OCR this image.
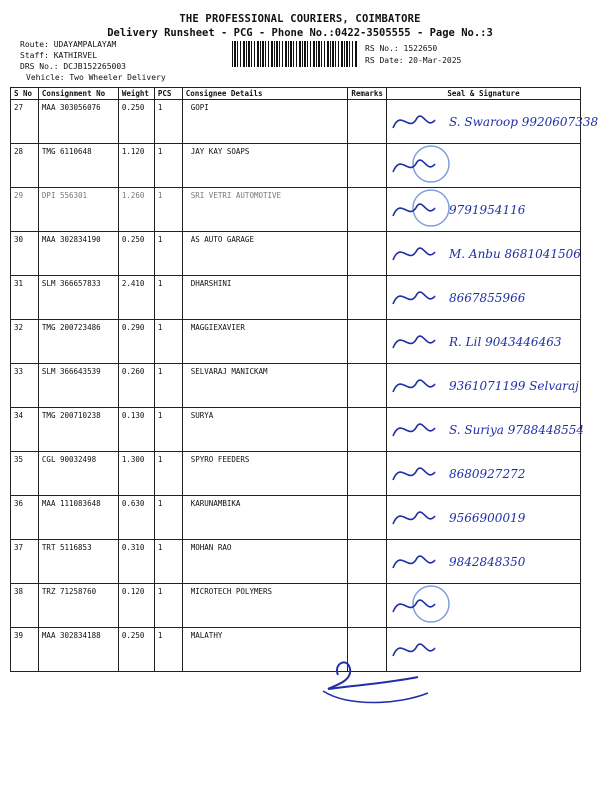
THE PROFESSIONAL COURIERS, COIMBATORE
Delivery Runsheet - PCG - Phone No.:0422-3505555 - Page No.:3
Route: UDAYAMPALAYAM
Staff: KATHIRVEL
DRS No.: DCJB152265003
Vehicle: Two Wheeler Delivery
RS No.: 1522650
RS Date: 20-Mar-2025
S No	Consignment No	Weight	PCS	Consignee Details	Remarks	Seal & Signature
27	MAA 303056076	0.250	1	GOPI		S. Swaroop 9920607338

28	TMG 6110648	1.120	1	JAY KAY SOAPS		

29	DPI 556301	1.260	1	SRI VETRI AUTOMOTIVE		9791954116

30	MAA 302834190	0.250	1	AS AUTO GARAGE		M. Anbu 8681041506

31	SLM 366657833	2.410	1	DHARSHINI		8667855966

32	TMG 200723486	0.290	1	MAGGIEXAVIER		R. Lil 9043446463

33	SLM 366643539	0.260	1	SELVARAJ MANICKAM		9361071199 Selvaraj

34	TMG 200710238	0.130	1	SURYA		S. Suriya 9788448554

35	CGL 90032498	1.300	1	SPYRO FEEDERS		8680927272

36	MAA 111083648	0.630	1	KARUNAMBIKA		9566900019

37	TRT 5116853	0.310	1	MOHAN RAO		9842848350

38	TRZ 71258760	0.120	1	MICROTECH POLYMERS		

39	MAA 302834188	0.250	1	MALATHY		
